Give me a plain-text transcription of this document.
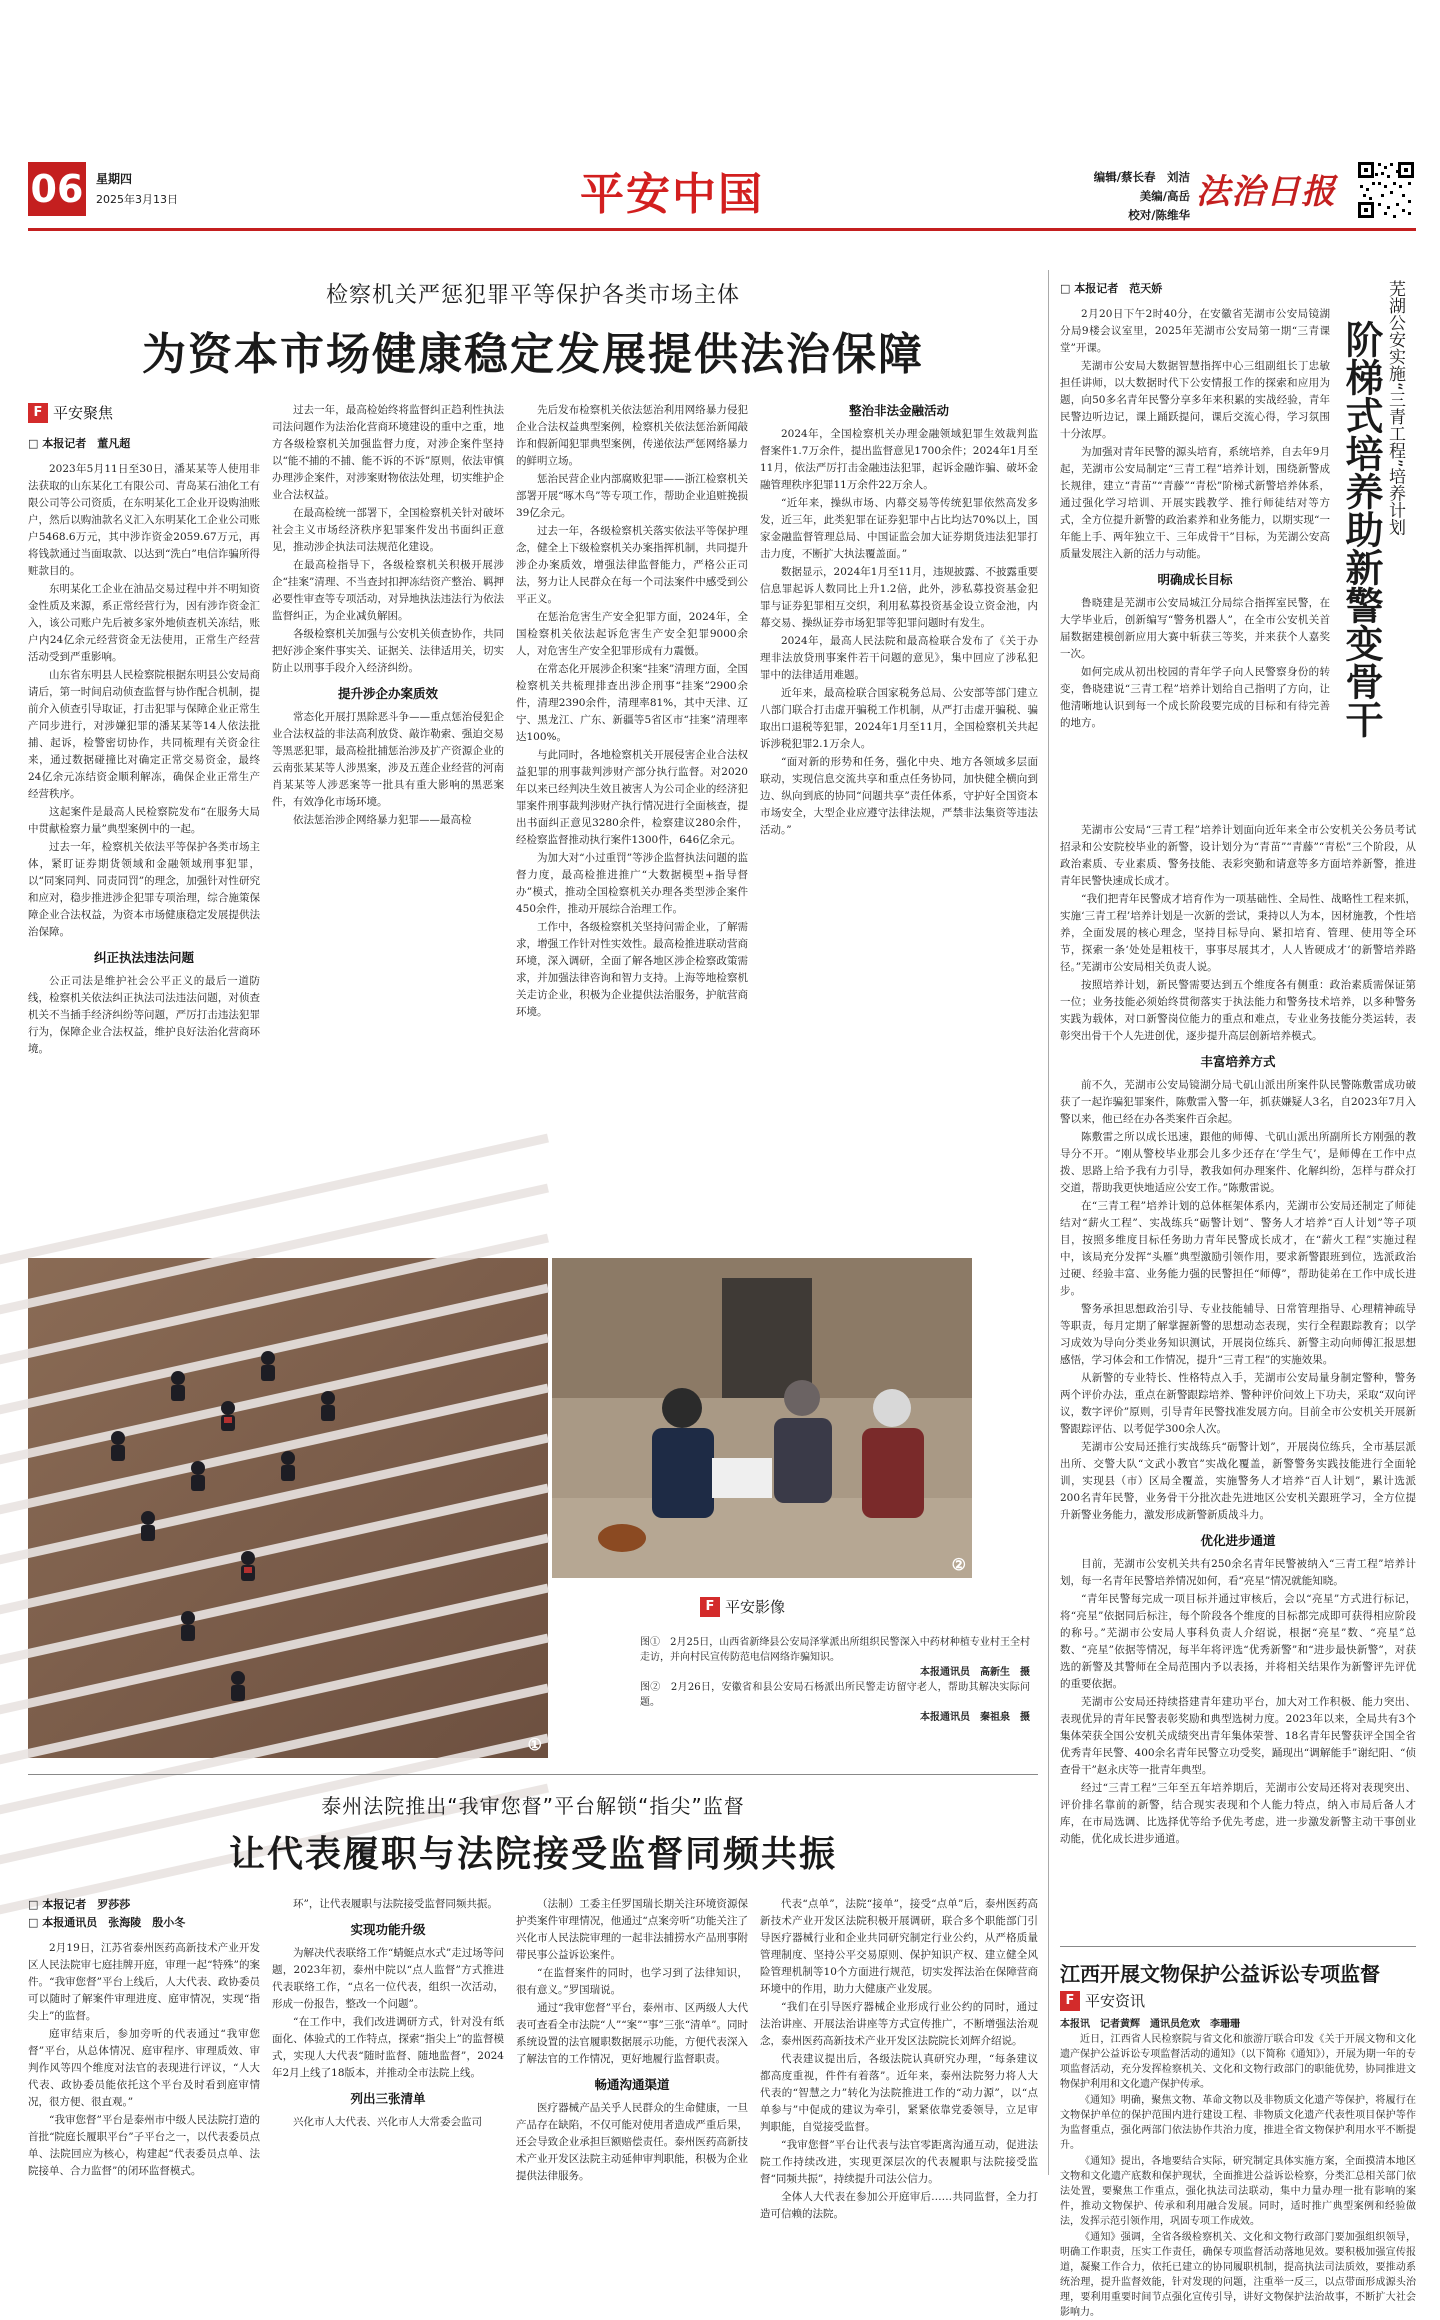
06 星期四
2025年3月13日	平安中国	编辑/蔡长春　刘洁
美编/高岳
校对/陈维华
法治日报
检察机关严惩犯罪平等保护各类市场主体
为资本市场健康稳定发展提供法治保障
F 平安聚焦
□ 本报记者　董凡超

2023年5月11日至30日，潘某某等人使用非法获取的山东某化工有限公司、青岛某石油化工有限公司等公司资质，在东明某化工企业开设购油账户，然后以购油款名义汇入东明某化工企业公司账户5468.6万元，其中涉诈资金2059.67万元，再将钱款通过当面取款、以达到“洗白”电信诈骗所得赃款目的。

东明某化工企业在油品交易过程中并不明知资金性质及来源，系正常经营行为，因有涉诈资金汇入，该公司账户先后被多家外地侦查机关冻结，账户内24亿余元经营资金无法使用，正常生产经营活动受到严重影响。

山东省东明县人民检察院根据东明县公安局商请后，第一时间启动侦查监督与协作配合机制，提前介入侦查引导取证，打击犯罪与保障企业正常生产同步进行，对涉嫌犯罪的潘某某等14人依法批捕、起诉，检警密切协作，共同梳理有关资金往来，通过数据碰撞比对确定正常交易资金，最终24亿余元冻结资金顺利解冻，确保企业正常生产经营秩序。

这起案件是最高人民检察院发布“在服务大局中贯献检察力量”典型案例中的一起。

过去一年，检察机关依法平等保护各类市场主体，紧盯证券期货领域和金融领域刑事犯罪，以“同案同判、同责同罚”的理念，加强针对性研究和应对，稳步推进涉企犯罪专项治理，综合施策保障企业合法权益，为资本市场健康稳定发展提供法治保障。

纠正执法违法问题

公正司法是维护社会公平正义的最后一道防线，检察机关依法纠正执法司法违法问题，对侦查机关不当插手经济纠纷等问题，严厉打击违法犯罪行为，保障企业合法权益，维护良好法治化营商环境。

过去一年，最高检始终将监督纠正趋利性执法司法问题作为法治化营商环境建设的重中之重，地方各级检察机关加强监督力度，对涉企案件坚持以“能不捕的不捕、能不诉的不诉”原则，依法审慎办理涉企案件，对涉案财物依法处理，切实维护企业合法权益。

在最高检统一部署下，全国检察机关针对破坏社会主义市场经济秩序犯罪案件发出书面纠正意见，推动涉企执法司法规范化建设。

在最高检指导下，各级检察机关积极开展涉企“挂案”清理、不当查封扣押冻结资产整治、羁押必要性审查等专项活动，对异地执法违法行为依法监督纠正，为企业减负解困。

各级检察机关加强与公安机关侦查协作，共同把好涉企案件事实关、证据关、法律适用关，切实防止以刑事手段介入经济纠纷。

提升涉企办案质效

常态化开展打黑除恶斗争——重点惩治侵犯企业合法权益的非法高利放贷、敲诈勒索、强迫交易等黑恶犯罪，最高检批捕惩治涉及扩产资源企业的云南张某某等人涉黑案，涉及五莲企业经营的河南肖某某等人涉恶案等一批具有重大影响的黑恶案件，有效净化市场环境。

依法惩治涉企网络暴力犯罪——最高检

先后发布检察机关依法惩治利用网络暴力侵犯企业合法权益典型案例，检察机关依法惩治新闻敲诈和假新闻犯罪典型案例，传递依法严惩网络暴力的鲜明立场。

惩治民营企业内部腐败犯罪——浙江检察机关部署开展“啄木鸟”等专项工作，帮助企业追赃挽损39亿余元。

过去一年，各级检察机关落实依法平等保护理念，健全上下级检察机关办案指挥机制，共同提升涉企办案质效，增强法律监督能力，严格公正司法，努力让人民群众在每一个司法案件中感受到公平正义。

在惩治危害生产安全犯罪方面，2024年，全国检察机关依法起诉危害生产安全犯罪9000余人，对危害生产安全犯罪形成有力震慑。

在常态化开展涉企积案“挂案”清理方面，全国检察机关共梳理排查出涉企刑事“挂案”2900余件，清理2390余件，清理率81%，其中天津、辽宁、黑龙江、广东、新疆等5省区市“挂案”清理率达100%。

与此同时，各地检察机关开展侵害企业合法权益犯罪的刑事裁判涉财产部分执行监督。对2020年以来已经判决生效且被害人为公司企业的经济犯罪案件刑事裁判涉财产执行情况进行全面核查，提出书面纠正意见3280余件，检察建议280余件，经检察监督推动执行案件1300件，646亿余元。

为加大对“小过重罚”等涉企监督执法问题的监督力度，最高检推进推广“大数据模型+指导督办”模式，推动全国检察机关办理各类型涉企案件450余件，推动开展综合治理工作。

工作中，各级检察机关坚持问需企业，了解需求，增强工作针对性实效性。最高检推进联动营商环境，深入调研，全面了解各地区涉企检察政策需求，并加强法律咨询和智力支持。上海等地检察机关走访企业，积极为企业提供法治服务，护航营商环境。

整治非法金融活动

2024年，全国检察机关办理金融领域犯罪生效裁判监督案件1.7万余件，提出监督意见1700余件；2024年1月至11月，依法严厉打击金融违法犯罪，起诉金融诈骗、破坏金融管理秩序犯罪11万余件22万余人。

“近年来，操纵市场、内幕交易等传统犯罪依然高发多发，近三年，此类犯罪在证券犯罪中占比均达70%以上，国家金融监督管理总局、中国证监会加大证券期货违法犯罪打击力度，不断扩大执法覆盖面。”

数据显示，2024年1月至11月，违规披露、不披露重要信息罪起诉人数同比上升1.2倍，此外，涉私募投资基金犯罪与证券犯罪相互交织，利用私募投资基金设立资金池，内幕交易、操纵证券市场犯罪等犯罪问题时有发生。

2024年，最高人民法院和最高检联合发布了《关于办理非法放贷刑事案件若干问题的意见》，集中回应了涉私犯罪中的法律适用难题。

近年来，最高检联合国家税务总局、公安部等部门建立八部门联合打击虚开骗税工作机制，从严打击虚开骗税、骗取出口退税等犯罪，2024年1月至11月，全国检察机关共起诉涉税犯罪2.1万余人。

“面对新的形势和任务，强化中央、地方各领域多层面联动，实现信息交流共享和重点任务协同，加快健全横向到边、纵向到底的协同“问题共享”责任体系，守护好全国资本市场安全，大型企业应遵守法律法规，严禁非法集资等违法活动。”

①
②
F 平安影像
图①　2月25日，山西省新绛县公安局泽掌派出所组织民警深入中药材种植专业村王全村走访，并向村民宣传防范电信网络诈骗知识。
本报通讯员　高新生　摄
图②　2月26日，安徽省和县公安局石杨派出所民警走访留守老人，帮助其解决实际问题。
本报通讯员　秦祖泉　摄
泰州法院推出“我审您督”平台解锁“指尖”监督
让代表履职与法院接受监督同频共振
□ 本报记者　罗莎莎
□ 本报通讯员　张海陵　殷小冬

2月19日，江苏省泰州医药高新技术产业开发区人民法院审七庭挂牌开庭，审理一起“特殊”的案件。“我审您督”平台上线后，人大代表、政协委员可以随时了解案件审理进度、庭审情况，实现“指尖上”的监督。

庭审结束后，参加旁听的代表通过“我审您督”平台，从总体情况、庭审程序、审理质效、审判作风等四个维度对法官的表现进行评议，“人大代表、政协委员能依托这个平台及时看到庭审情况，很方便、很直观。”

“我审您督”平台是泰州市中级人民法院打造的首批“院庭长履职平台”子平台之一，以代表委员点单、法院回应为核心，构建起“代表委员点单、法院接单、合力监督”的闭环监督模式。

环”，让代表履职与法院接受监督同频共振。

实现功能升级

为解决代表联络工作“蜻蜓点水式”走过场等问题，2023年初，泰州中院以“点人监督”方式推进代表联络工作，“点名一位代表，组织一次活动，形成一份报告，整改一个问题”。

“在工作中，我们改进调研方式，针对没有纸面化、体验式的工作特点，探索“指尖上”的监督模式，实现人大代表“随时监督、随地监督”，2024年2月上线了18版本，并推动全市法院上线。

列出三张清单

兴化市人大代表、兴化市人大常委会监司

（法制）工委主任罗国瑞长期关注环境资源保护类案件审理情况，他通过“点案旁听”功能关注了兴化市人民法院审理的一起非法捕捞水产品刑事附带民事公益诉讼案件。

“在监督案件的同时，也学习到了法律知识，很有意义。”罗国瑞说。

通过“我审您督”平台，泰州市、区两级人大代表可查看全市法院“人”“案”“事”三张“清单”。同时系统设置的法官履职数据展示功能，方便代表深入了解法官的工作情况，更好地履行监督职责。

畅通沟通渠道

医疗器械产品关乎人民群众的生命健康，一旦产品存在缺陷，不仅可能对使用者造成严重后果，还会导致企业承担巨额赔偿责任。泰州医药高新技术产业开发区法院主动延伸审判职能，积极为企业提供法律服务。

代表“点单”，法院“接单”，接受“点单”后，泰州医药高新技术产业开发区法院积极开展调研，联合多个职能部门引导医疗器械行业和企业共同研究制定行业公约，从严格质量管理制度、坚持公平交易原则、保护知识产权、建立健全风险管理机制等10个方面进行规范，切实发挥法治在保障营商环境中的作用，助力大健康产业发展。

“我们在引导医疗器械企业形成行业公约的同时，通过法治讲座、开展法治讲座等方式宣传推广，不断增强法治观念，泰州医药高新技术产业开发区法院院长刘辉介绍说。

代表建议提出后，各级法院认真研究办理，“每条建议都高度重视，件件有着落”。近年来，泰州法院努力将人大代表的“智慧之力”转化为法院推进工作的“动力源”，以“点单参与”中促成的建议为牵引，紧紧依靠党委领导，立足审判职能，自觉接受监督。

“我审您督”平台让代表与法官零距离沟通互动，促进法院工作持续改进，实现更深层次的代表履职与法院接受监督“同频共振”，持续提升司法公信力。

全体人大代表在参加公开庭审后……共同监督，全力打造可信赖的法院。

□ 本报记者　范天娇	芜湖公安实施“三青工程”培养计划
阶梯式培养助新警变骨干

2月20日下午2时40分，在安徽省芜湖市公安局镜湖分局9楼会议室里，2025年芜湖市公安局第一期“三青课堂”开课。

芜湖市公安局大数据智慧指挥中心三组副组长丁忠敏担任讲师，以大数据时代下公安情报工作的探索和应用为题，向50多名青年民警分享多年来积累的实战经验，青年民警边听边记，课上踊跃提问，课后交流心得，学习氛围十分浓厚。

为加强对青年民警的源头培育，系统培养，自去年9月起，芜湖市公安局制定“三青工程”培养计划，围绕新警成长规律，建立“青苗”“青藤”“青松”阶梯式新警培养体系，通过强化学习培训、开展实践教学、推行师徒结对等方式，全方位提升新警的政治素养和业务能力，以期实现“一年能上手、两年独立干、三年成骨干”目标，为芜湖公安高质量发展注入新的活力与动能。

明确成长目标

鲁晓建是芜湖市公安局城江分局综合指挥室民警，在大学毕业后，创新编写“警务机器人”，在全市公安机关首届数据建模创新应用大赛中斩获三等奖，并来获个人嘉奖一次。

如何完成从初出校园的青年学子向人民警察身份的转变，鲁晓建说“三青工程”培养计划给自己指明了方向，让他清晰地认识到每一个成长阶段要完成的目标和有待完善的地方。

芜湖市公安局“三青工程”培养计划面向近年来全市公安机关公务员考试招录和公安院校毕业的新警，设计划分为“青苗”“青藤”“青松”三个阶段，从政治素质、专业素质、警务技能、表彩突勤和请意等多方面培养新警，推进青年民警快速成长成才。

“我们把青年民警成才培育作为一项基础性、全局性、战略性工程来抓，实施‘三青工程’培养计划是一次新的尝试，秉持以人为本，因材施教，个性培养，全面发展的核心理念，坚持目标导向、紧扣培育、管理、使用等全环节，探索一条‘处处是粗枝干，事事尽展其才，人人皆硬成才’的新警培养路径。”芜湖市公安局相关负责人说。

按照培养计划，新民警需要达到五个维度各有侧重：政治素质需保证第一位；业务技能必须始终贯彻落实于执法能力和警务技术培养，以多种警务实践为载体，对口新警岗位能力的重点和难点，专业业务技能分类运转，表彰突出骨干个人先进创优，逐步提升高层创新培养模式。

丰富培养方式

前不久，芜湖市公安局镜湖分局弋矶山派出所案件队民警陈敷雷成功破获了一起诈骗犯罪案件，陈敷雷入警一年，抓获嫌疑人3名，自2023年7月入警以来，他已经在办各类案件百余起。

陈敷雷之所以成长迅速，跟他的师傅、弋矶山派出所副所长方刚强的教导分不开。“刚从警校毕业那会儿多少还存在‘学生气’，是师傅在工作中点拨、思路上给予我有力引导，教我如何办理案件、化解纠纷，怎样与群众打交道，帮助我更快地适应公安工作。”陈敷雷说。

在“三青工程”培养计划的总体框架体系内，芜湖市公安局还制定了师徒结对“薪火工程”、实战练兵“砺警计划”、警务人才培养“百人计划”等子项目，按照多维度目标任务助力青年民警成长成才，在“薪火工程”实施过程中，该局充分发挥“头雁”典型激励引领作用，要求新警跟班到位，选派政治过硬、经验丰富、业务能力强的民警担任“师傅”，帮助徒弟在工作中成长进步。

警务承担思想政治引导、专业技能辅导、日常管理指导、心理精神疏导等职责，每月定期了解掌握新警的思想动态表现，实行全程跟踪教育；以学习成效为导向分类业务知识测试，开展岗位练兵、新警主动向师傅汇报思想感悟，学习体会和工作情况，提升“三青工程”的实施效果。

从新警的专业特长、性格特点入手，芜湖市公安局量身制定警种，警务两个评价办法，重点在新警跟踪培养、警种评价问效上下功夫，采取“双向评议，数字评价”原则，引导青年民警找准发展方向。目前全市公安机关开展新警跟踪评估、以考促学300余人次。

芜湖市公安局还推行实战练兵“砺警计划”，开展岗位练兵，全市基层派出所、交警大队“文武小教官”实战化覆盖，新警警务实践技能进行全面轮训，实现县（市）区局全覆盖，实施警务人才培养“百人计划”，累计选派200名青年民警，业务骨干分批次赴先进地区公安机关跟班学习，全方位提升新警业务能力，激发形成新警新质战斗力。

优化进步通道

目前，芜湖市公安机关共有250余名青年民警被纳入“三青工程”培养计划，每一名青年民警培养情况如何，看“亮星”情况就能知晓。

“青年民警每完成一项目标并通过审核后，会以“亮星”方式进行标记，将“亮星”依据同后标注，每个阶段各个维度的目标都完成即可获得相应阶段的称号。”芜湖市公安局人事科负责人介绍说，根据“亮星”数、“亮星”总数、“亮星”依据等情况，每半年将评选“优秀新警”和“进步最快新警”，对获选的新警及其警师在全局范围内予以表扬，并将相关结果作为新警评先评优的重要依据。

芜湖市公安局还持续搭建青年建功平台，加大对工作积极、能力突出、表现优异的青年民警表彰奖励和典型选树力度。2023年以来，全局共有3个集体荣获全国公安机关成绩突出青年集体荣誉、18名青年民警获评全国全省优秀青年民警、400余名青年民警立功受奖，踊现出“调解能手”谢纪阳、“侦查骨干”赵永庆等一批青年典型。

经过“三青工程”三年至五年培养期后，芜湖市公安局还将对表现突出、评价排名靠前的新警，结合现实表现和个人能力特点，纳入市局后备人才库，在市局选调、比选择优等给予优先考虑，进一步激发新警主动干事创业动能，优化成长进步通道。

江西开展文物保护公益诉讼专项监督
F 平安资讯
本报讯　记者黄辉　通讯员危欢　李珊珊

近日，江西省人民检察院与省文化和旅游厅联合印发《关于开展文物和文化遗产保护公益诉讼专项监督活动的通知》（以下简称《通知》），开展为期一年的专项监督活动，充分发挥检察机关、文化和文物行政部门的职能优势，协同推进文物保护利用和文化遗产保护传承。

《通知》明确，聚焦文物、革命文物以及非物质文化遗产等保护，将履行在文物保护单位的保护范围内进行建设工程、非物质文化遗产代表性项目保护等作为监督重点，强化两部门依法协作共治力度，推进全省文物保护利用水平不断提升。

《通知》提出，各地要结合实际，研究制定具体实施方案，全面摸清本地区文物和文化遗产底数和保护现状，全面推进公益诉讼检察，分类汇总相关部门依法处置，要聚焦工作重点，强化执法司法联动，集中力量办理一批有影响的案件，推动文物保护、传承和利用融合发展。同时，适时推广典型案例和经验做法，发挥示范引领作用，巩固专项工作成效。

《通知》强调，全省各级检察机关、文化和文物行政部门要加强组织领导，明确工作职责，压实工作责任，确保专项监督活动落地见效。要积极加强宣传报道，凝聚工作合力，依托已建立的协同履职机制，提高执法司法质效，要推动系统治理，提升监督效能，针对发现的问题，注重举一反三，以点带面形成源头治理，要利用重要时间节点强化宣传引导，讲好文物保护法治故事，不断扩大社会影响力。
